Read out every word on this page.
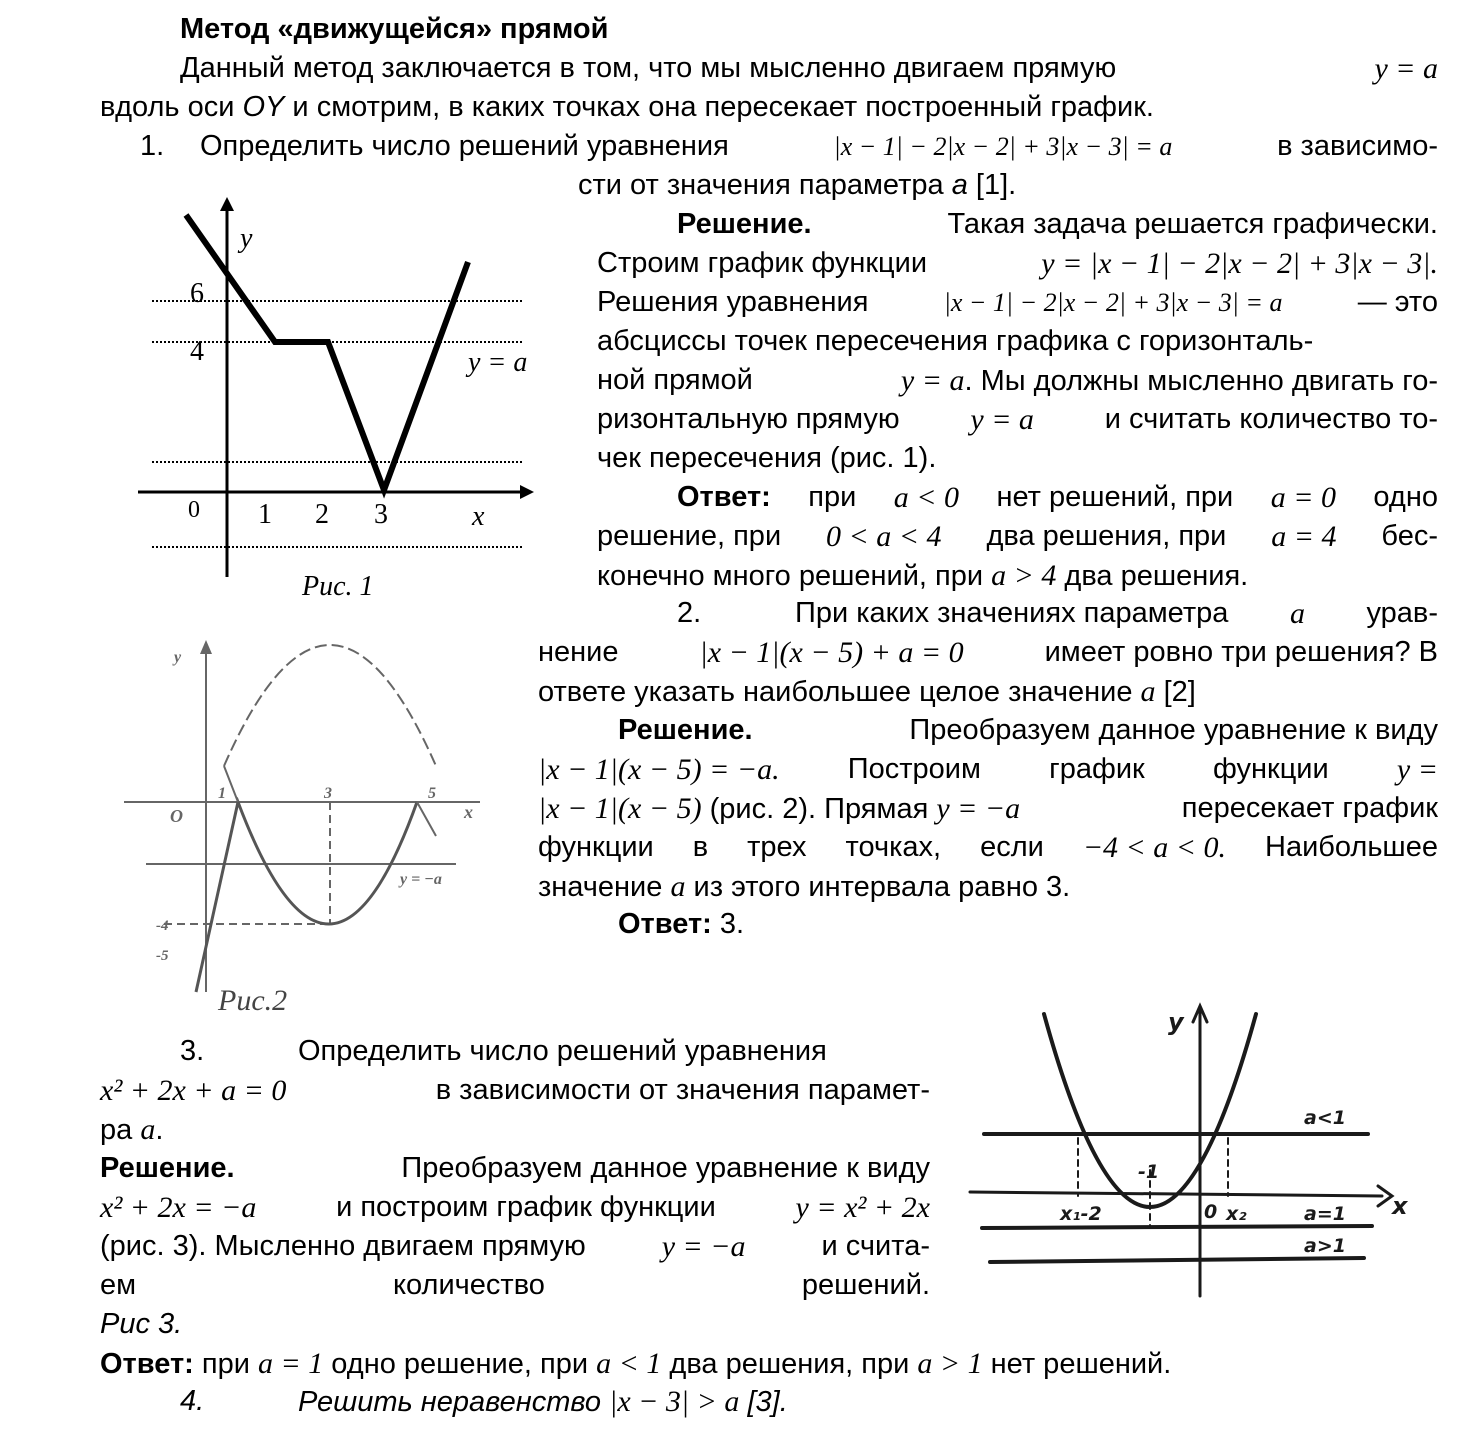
Метод «движущейся» прямой
Данный метод заключается в том, что мы мысленно двигаем прямую	y = a
вдоль оси OY и смотрим, в каких точках она пересекает построенный график.
1. Определить число решений уравнения	|x − 1| − 2|x − 2| + 3|x − 3| = a	в зависимо-
сти от значения параметра a [1].
Решение.	Такая задача решается графически.
Строим график функции	y = |x − 1| − 2|x − 2| + 3|x − 3|.
Решения уравнения	|x − 1| − 2|x − 2| + 3|x − 3| = a	— это
абсциссы точек пересечения графика с горизонталь-
ной прямой	y = a. Мы должны мысленно двигать го-
ризонтальную прямую y = a и считать количество то-
чек пересечения (рис. 1).
Ответ: при a < 0 нет решений, при a = 0 одно
решение, при 0 < a < 4 два решения, при a = 4 бес-
конечно много решений, при a > 4 два решения.
y
6
4	y = a
0 1 2 3	x
Рис. 1
2.	При каких значениях параметра a урав-
нение	|x − 1|(x − 5) + a = 0	имеет ровно три решения? В
ответе указать наибольшее целое значение a [2]
Решение.	Преобразуем данное уравнение к виду
|x − 1|(x − 5) = −a. Построим график функции y =
|x − 1|(x − 5) (рис. 2). Прямая y = −a	пересекает график
функции в трех точках, если −4 < a < 0. Наибольшее
значение a из этого интервала равно 3.
Ответ: 3.
y
O
1	3	5
x
y = −a
-4
-5
Рис.2
3.	Определить число решений уравнения
x² + 2x + a = 0	в зависимости от значения парамет-
ра a.
Решение.	Преобразуем данное уравнение к виду
x² + 2x = −a	и построим график функции	y = x² + 2x
(рис. 3). Мысленно двигаем прямую	y = −a	и счита-
ем	количество	решений.
Рис 3.
Ответ: при a = 1 одно решение, при a < 1 два решения, при a > 1 нет решений.
y
x
a<1
a=1
a>1
x₁-2
-1
0 x₂
4.	Решить неравенство |x − 3| > a [3].
